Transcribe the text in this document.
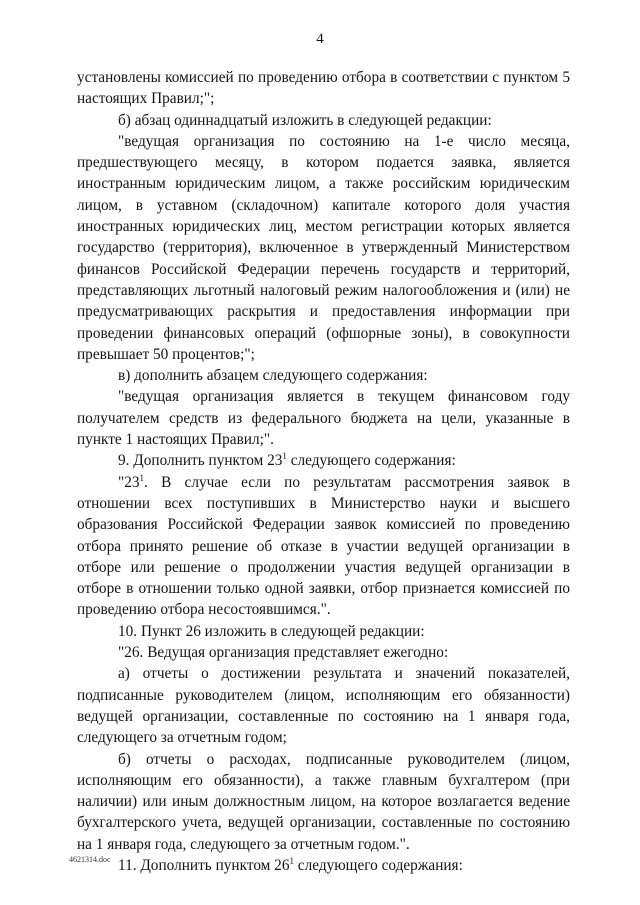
4

установлены комиссией по проведению отбора в соответствии с пунктом 5 настоящих Правил;";

б) абзац одиннадцатый изложить в следующей редакции:

"ведущая организация по состоянию на 1-е число месяца, предшествующего месяцу, в котором подается заявка, является иностранным юридическим лицом, а также российским юридическим лицом, в уставном (складочном) капитале которого доля участия иностранных юридических лиц, местом регистрации которых является государство (территория), включенное в утвержденный Министерством финансов Российской Федерации перечень государств и территорий, представляющих льготный налоговый режим налогообложения и (или) не предусматривающих раскрытия и предоставления информации при проведении финансовых операций (офшорные зоны), в совокупности превышает 50 процентов;";

в) дополнить абзацем следующего содержания:

"ведущая организация является в текущем финансовом году получателем средств из федерального бюджета на цели, указанные в пункте 1 настоящих Правил;".

9. Дополнить пунктом $23^1$ следующего содержания:

"$23^1$. В случае если по результатам рассмотрения заявок в отношении всех поступивших в Министерство науки и высшего образования Российской Федерации заявок комиссией по проведению отбора принято решение об отказе в участии ведущей организации в отборе или решение о продолжении участия ведущей организации в отборе в отношении только одной заявки, отбор признается комиссией по проведению отбора несостоявшимся.".

10. Пункт 26 изложить в следующей редакции:

"26. Ведущая организация представляет ежегодно:

а) отчеты о достижении результата и значений показателей, подписанные руководителем (лицом, исполняющим его обязанности) ведущей организации, составленные по состоянию на 1 января года, следующего за отчетным годом;

б) отчеты о расходах, подписанные руководителем (лицом, исполняющим его обязанности), а также главным бухгалтером (при наличии) или иным должностным лицом, на которое возлагается ведение бухгалтерского учета, ведущей организации, составленные по состоянию на 1 января года, следующего за отчетным годом.".

11. Дополнить пунктом $26^1$ следующего содержания:

4621314.doc
